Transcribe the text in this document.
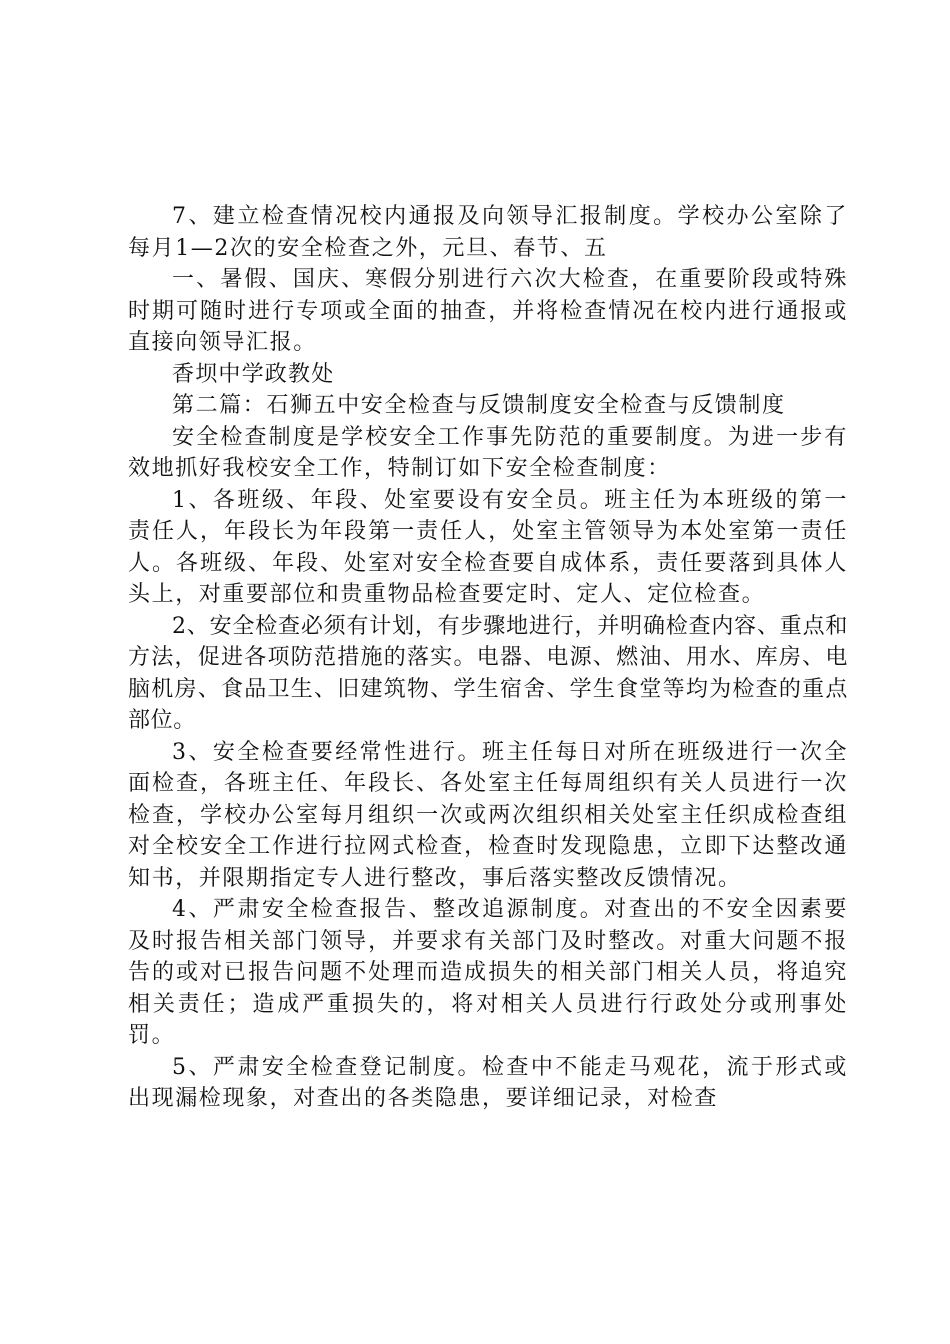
7、建立检查情况校内通报及向领导汇报制度。学校办公室除了每月1—2次的安全检查之外，元旦、春节、五

一、暑假、国庆、寒假分别进行六次大检查，在重要阶段或特殊时期可随时进行专项或全面的抽查，并将检查情况在校内进行通报或直接向领导汇报。

香坝中学政教处

第二篇：石狮五中安全检查与反馈制度安全检查与反馈制度

安全检查制度是学校安全工作事先防范的重要制度。为进一步有效地抓好我校安全工作，特制订如下安全检查制度：

1、各班级、年段、处室要设有安全员。班主任为本班级的第一责任人，年段长为年段第一责任人，处室主管领导为本处室第一责任人。各班级、年段、处室对安全检查要自成体系，责任要落到具体人头上，对重要部位和贵重物品检查要定时、定人、定位检查。

2、安全检查必须有计划，有步骤地进行，并明确检查内容、重点和方法，促进各项防范措施的落实。电器、电源、燃油、用水、库房、电脑机房、食品卫生、旧建筑物、学生宿舍、学生食堂等均为检查的重点部位。

3、安全检查要经常性进行。班主任每日对所在班级进行一次全面检查，各班主任、年段长、各处室主任每周组织有关人员进行一次检查，学校办公室每月组织一次或两次组织相关处室主任织成检查组对全校安全工作进行拉网式检查，检查时发现隐患，立即下达整改通知书，并限期指定专人进行整改，事后落实整改反馈情况。

4、严肃安全检查报告、整改追源制度。对查出的不安全因素要及时报告相关部门领导，并要求有关部门及时整改。对重大问题不报告的或对已报告问题不处理而造成损失的相关部门相关人员，将追究相关责任；造成严重损失的，将对相关人员进行行政处分或刑事处罚。

5、严肃安全检查登记制度。检查中不能走马观花，流于形式或出现漏检现象，对查出的各类隐患，要详细记录，对检查
